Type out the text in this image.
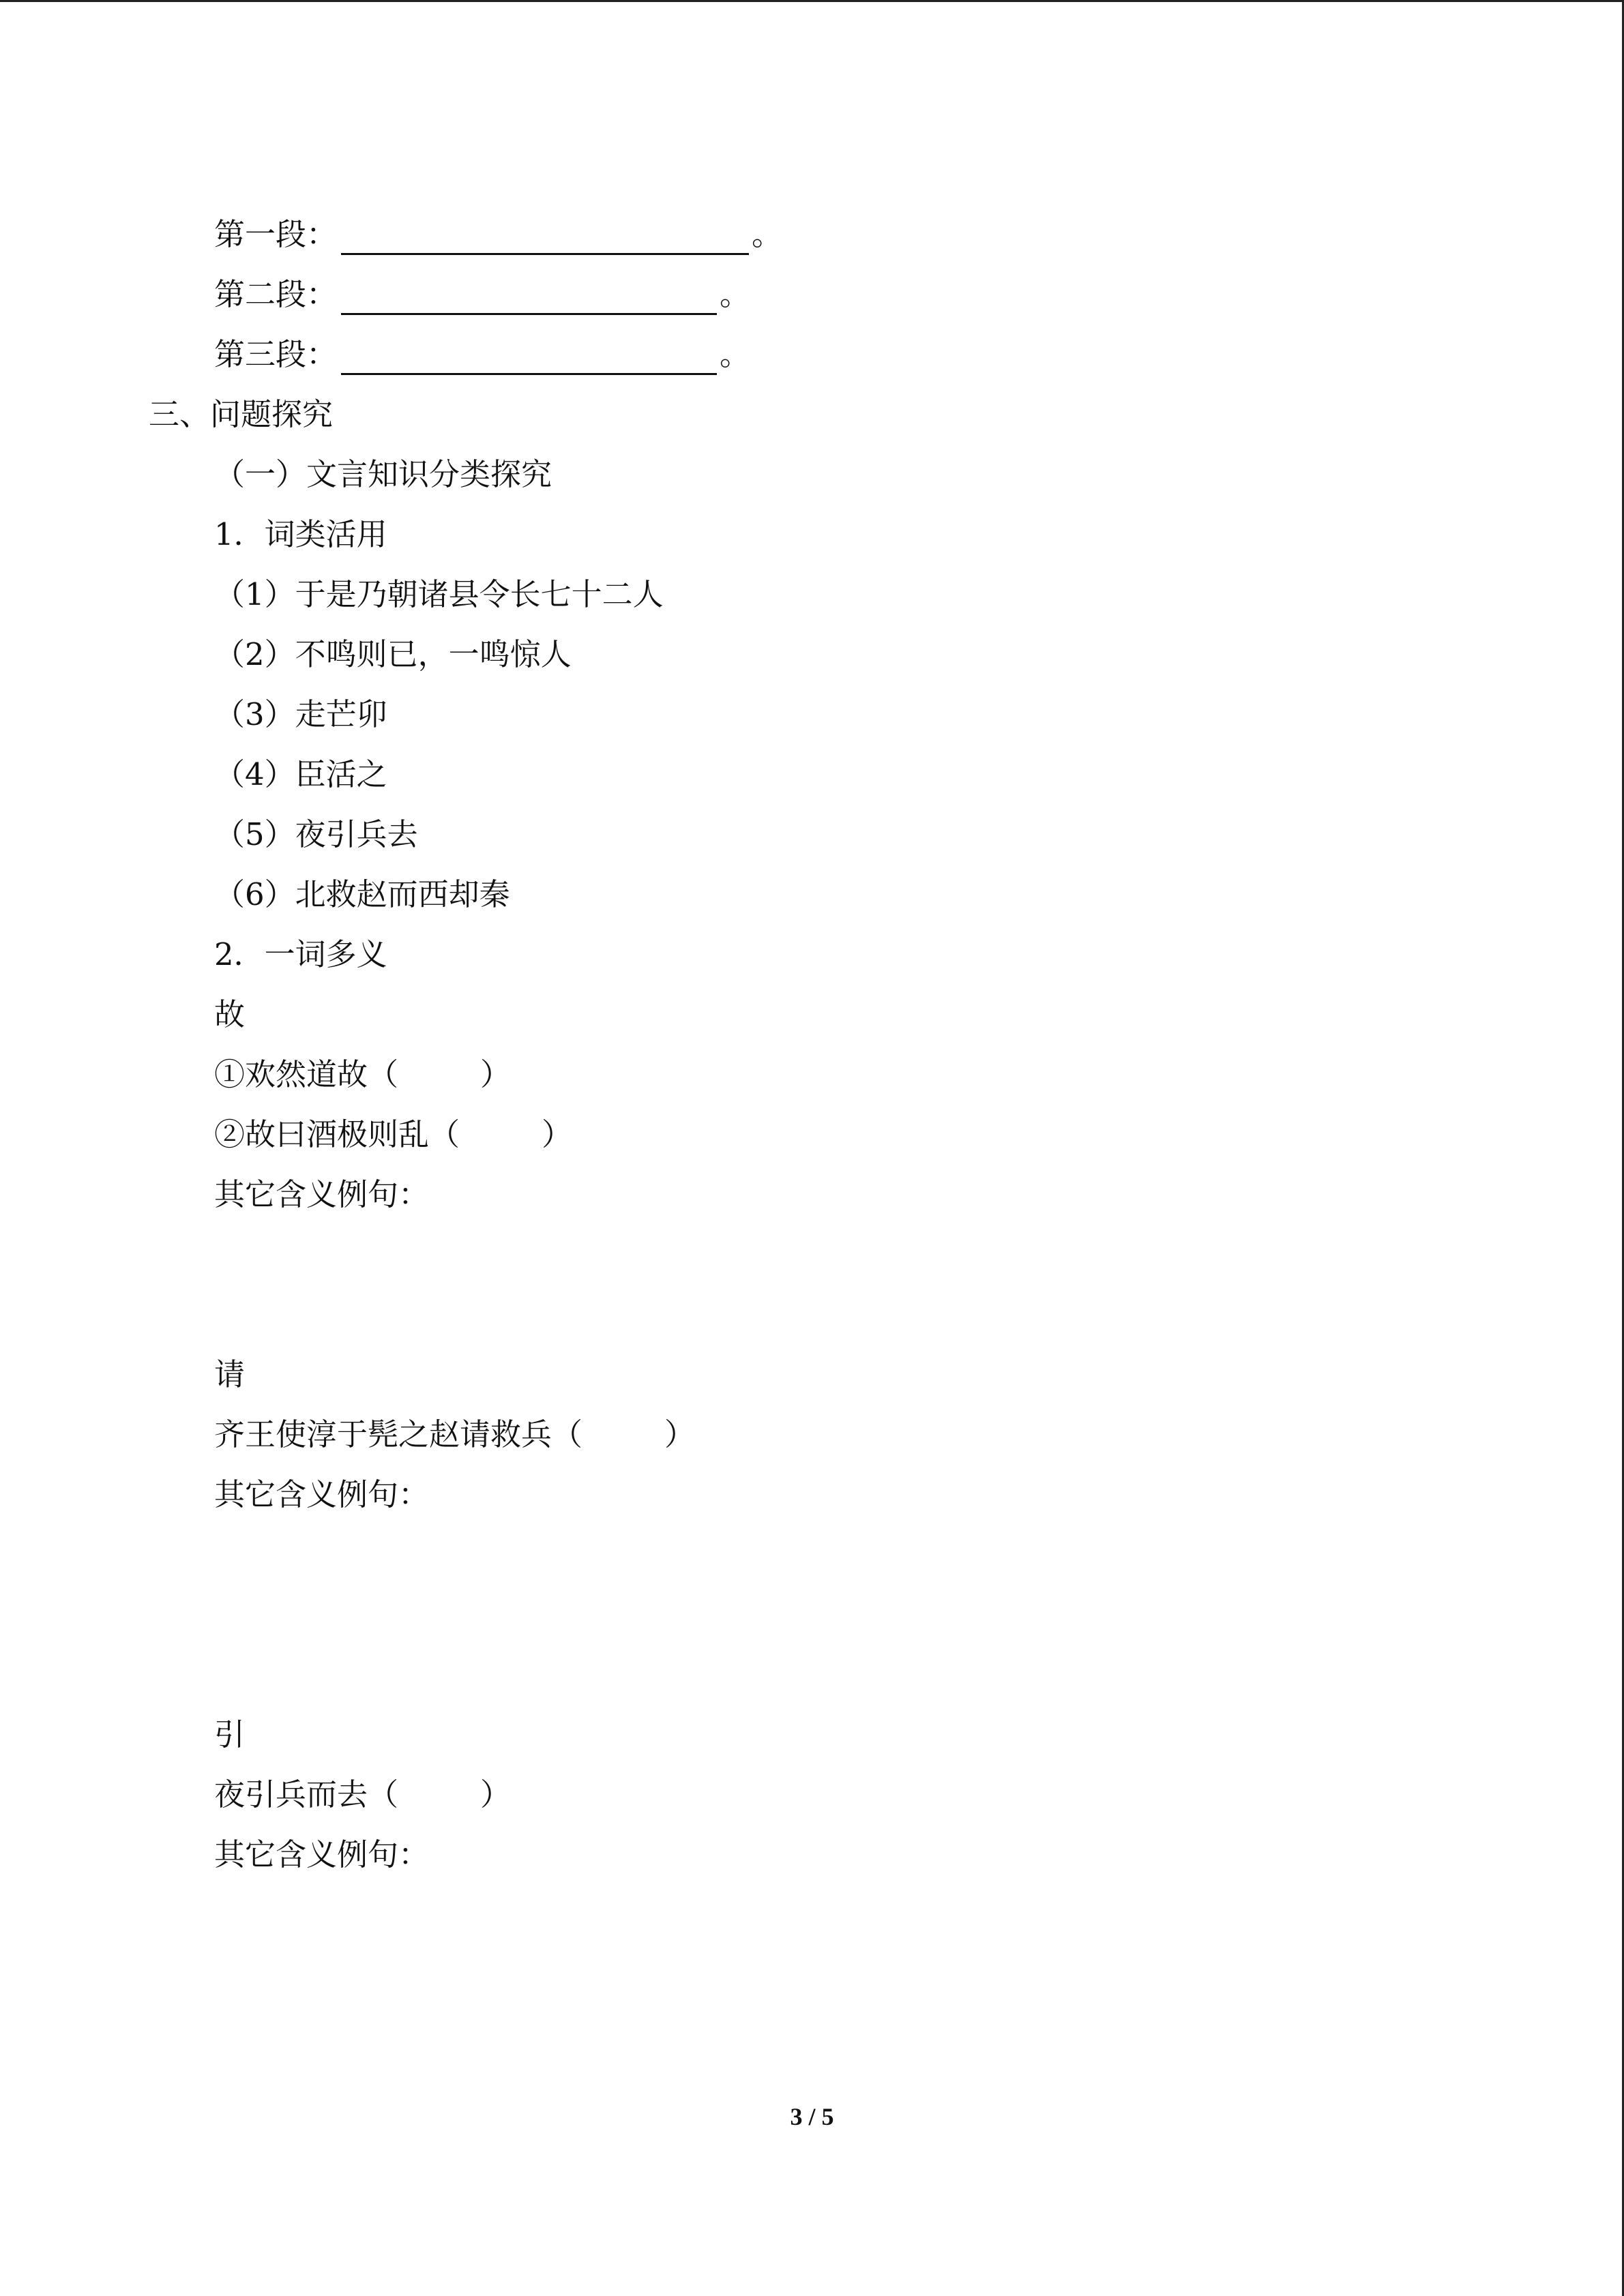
第一段：	。
第二段：	。
第三段：	。
三、问题探究
（一）文言知识分类探究
1．词类活用
（1）于是乃朝诸县令长七十二人
（2）不鸣则已，一鸣惊人
（3）走芒卯
（4）臣活之
（5）夜引兵去
（6）北救赵而西却秦
2．一词多义
故
①欢然道故（	）
②故曰酒极则乱（	）
其它含义例句：
请
齐王使淳于髡之赵请救兵（	）
其它含义例句：
引
夜引兵而去（	）
其它含义例句：
3 / 5
